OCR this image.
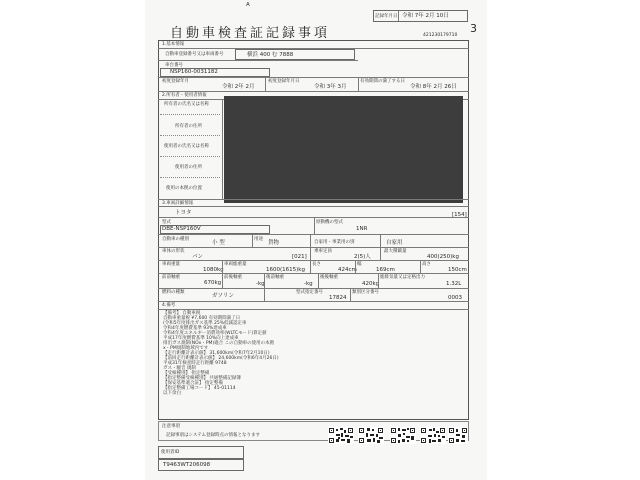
A
自動車検査証記録事項
記録年月日 令和 7年 2月 10日
421230179710
3
1.基本情報
自動車登録番号又は車両番号	横浜 400 む 7888
車台番号
NSP160-0031182
初度登録年月
令和 2年 2月
初度登録年月日
令和 3年 3月
有効期間の満了する日
令和 8年 2月 26日
2.所有者・使用者情報
所有者の氏名又は名称
所有者の住所
使用者の氏名又は名称
使用者の住所
使用の本拠の位置
3.車両詳細情報
トヨタ	[154]
型式
DBE-NSP160V
原動機の型式
1NR
自動車の種別
小 型
用途
貨物	自家用・事業用の別	自家用
車体の形状
バン	[021]
乗車定員
2(5)人
最大積載量
400(250)kg
車両重量
1080kg
車両総重量
1600(1615)kg
長さ
424cm
幅
169cm
高さ
150cm
前前軸重
670kg
前後軸重
-kg
後前軸重
-kg
後後軸重
420kg
総排気量又は定格出力
1.32L
燃料の種類
ガソリン
型式指定番号
17824
類別区分番号
0003
4.備考
【備考】 自動車税
自動車重量税 ¥7,600 有効期間満了日
(令和5年度排出ガス基準 25%低減認定車
令和4年度燃費基準 93%達成車
令和4年度エネルギー消費効率(WLTCモード)算定値
平成17年度燃費基準 10%向上達成車
排出ガス規制(NOx・PM)適合 この自動車の使用の本拠
x・PM規制地域内です
【走行距離計表示値】 31,600km(令和7年2月10日)
【前回走行距離計表示値】 24,600km(令和6年4月26日)
平成31年検査時走行距離 9748
ガス・騒音 規制
【受検種別】 指定整備
【指定整備受検種別】 共通整備記録簿
【保安基準適合証】 指定整備
【指定整備工場コード】 45-01114
以下余白
注意事項
記録事項はシステム登録時点の情報となります
使用者ID
T9463WT206098
